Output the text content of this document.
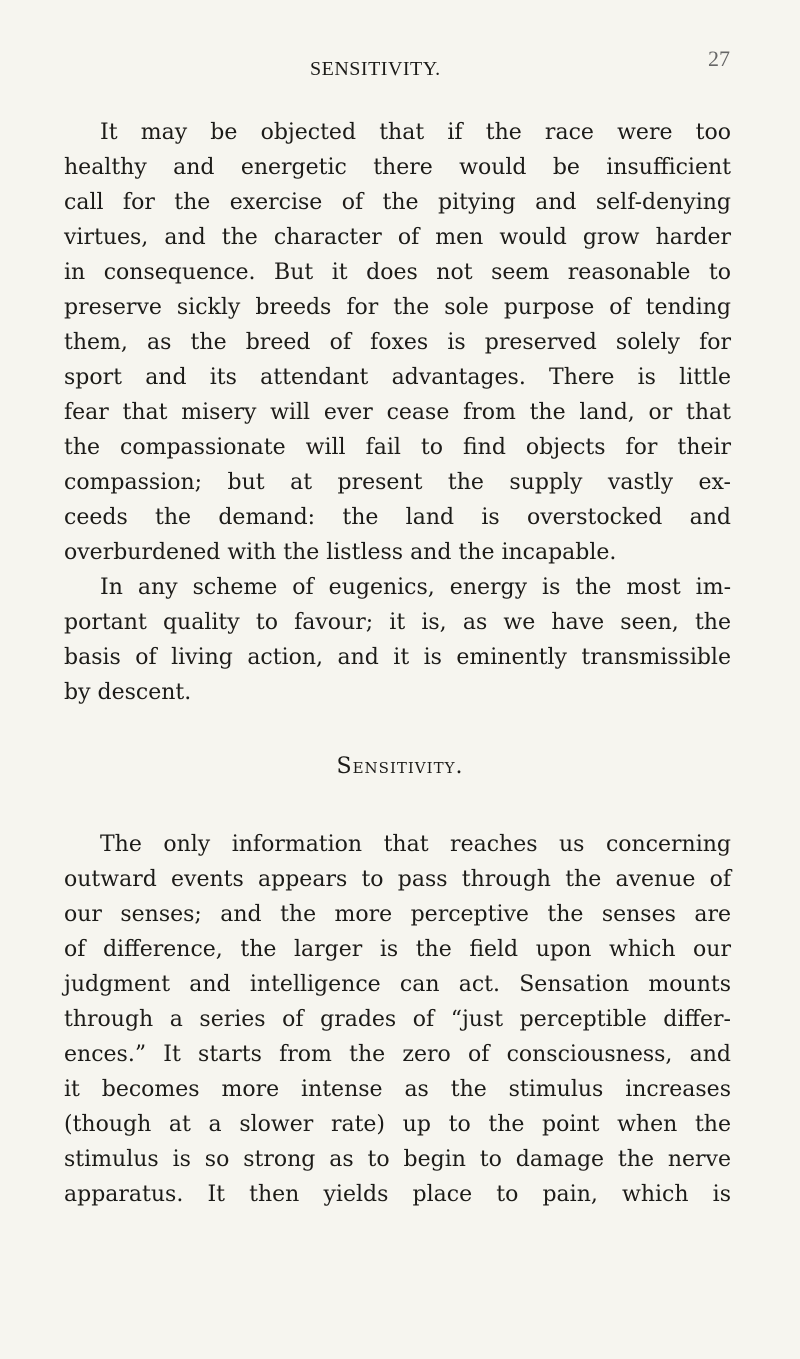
SENSITIVITY.	27
It may be objected that if the race were too
healthy and energetic there would be insufficient
call for the exercise of the pitying and self-denying
virtues, and the character of men would grow harder
in consequence. But it does not seem reasonable to
preserve sickly breeds for the sole purpose of tending
them, as the breed of foxes is preserved solely for
sport and its attendant advantages. There is little
fear that misery will ever cease from the land, or that
the compassionate will fail to find objects for their
compassion; but at present the supply vastly ex-
ceeds the demand: the land is overstocked and
overburdened with the listless and the incapable.
In any scheme of eugenics, energy is the most im-
portant quality to favour; it is, as we have seen, the
basis of living action, and it is eminently transmissible
by descent.
Sensitivity.
The only information that reaches us concerning
outward events appears to pass through the avenue of
our senses; and the more perceptive the senses are
of difference, the larger is the field upon which our
judgment and intelligence can act. Sensation mounts
through a series of grades of “just perceptible differ-
ences.” It starts from the zero of consciousness, and
it becomes more intense as the stimulus increases
(though at a slower rate) up to the point when the
stimulus is so strong as to begin to damage the nerve
apparatus. It then yields place to pain, which is
